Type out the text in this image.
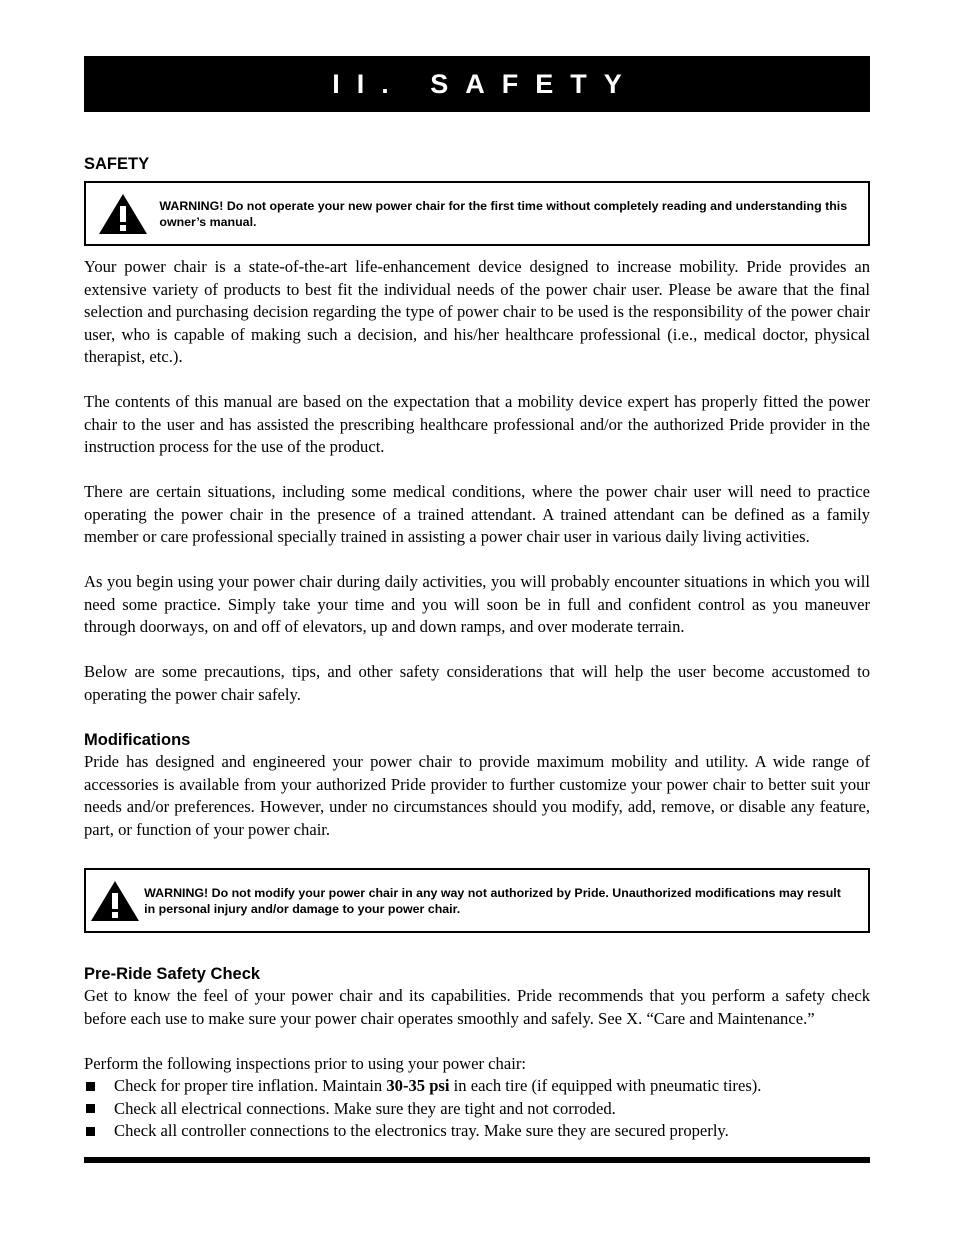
II. SAFETY
SAFETY
WARNING! Do not operate your new power chair for the first time without completely reading and understanding this owner’s manual.

Your power chair is a state-of-the-art life-enhancement device designed to increase mobility. Pride provides an extensive variety of products to best fit the individual needs of the power chair user. Please be aware that the final selection and purchasing decision regarding the type of power chair to be used is the responsibility of the power chair user, who is capable of making such a decision, and his/her healthcare professional (i.e., medical doctor, physical therapist, etc.).

The contents of this manual are based on the expectation that a mobility device expert has properly fitted the power chair to the user and has assisted the prescribing healthcare professional and/or the authorized Pride provider in the instruction process for the use of the product.

There are certain situations, including some medical conditions, where the power chair user will need to practice operating the power chair in the presence of a trained attendant. A trained attendant can be defined as a family member or care professional specially trained in assisting a power chair user in various daily living activities.

As you begin using your power chair during daily activities, you will probably encounter situations in which you will need some practice. Simply take your time and you will soon be in full and confident control as you maneuver through doorways, on and off of elevators, up and down ramps, and over moderate terrain.

Below are some precautions, tips, and other safety considerations that will help the user become accustomed to operating the power chair safely.

Modifications

Pride has designed and engineered your power chair to provide maximum mobility and utility. A wide range of accessories is available from your authorized Pride provider to further customize your power chair to better suit your needs and/or preferences. However, under no circumstances should you modify, add, remove, or disable any feature, part, or function of your power chair.

WARNING! Do not modify your power chair in any way not authorized by Pride. Unauthorized modifications may result in personal injury and/or damage to your power chair.
Pre-Ride Safety Check

Get to know the feel of your power chair and its capabilities. Pride recommends that you perform a safety check before each use to make sure your power chair operates smoothly and safely. See X. “Care and Maintenance.”

Perform the following inspections prior to using your power chair:

Check for proper tire inflation. Maintain 30-35 psi in each tire (if equipped with pneumatic tires).
Check all electrical connections. Make sure they are tight and not corroded.
Check all controller connections to the electronics tray. Make sure they are secured properly.
